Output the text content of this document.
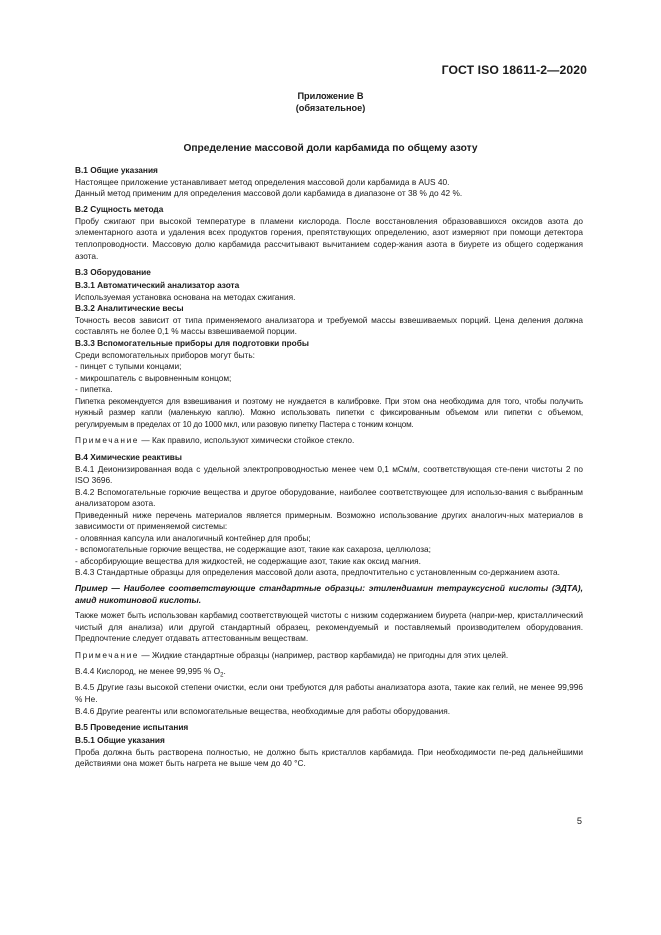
ГОСТ ISO 18611-2—2020
Приложение В
(обязательное)
Определение массовой доли карбамида по общему азоту

В.1 Общие указания

Настоящее приложение устанавливает метод определения массовой доли карбамида в AUS 40.

Данный метод применим для определения массовой доли карбамида в диапазоне от 38 % до 42 %.

В.2 Сущность метода

Пробу сжигают при высокой температуре в пламени кислорода. После восстановления образовавшихся оксидов азота до элементарного азота и удаления всех продуктов горения, препятствующих определению, азот измеряют при помощи детектора теплопроводности. Массовую долю карбамида рассчитывают вычитанием содер-жания азота в биурете из общего содержания азота.

В.3 Оборудование

В.3.1 Автоматический анализатор азота

Используемая установка основана на методах сжигания.

В.3.2 Аналитические весы

Точность весов зависит от типа применяемого анализатора и требуемой массы взвешиваемых порций. Цена деления должна составлять не более 0,1 % массы взвешиваемой порции.

В.3.3 Вспомогательные приборы для подготовки пробы

Среди вспомогательных приборов могут быть:

- пинцет с тупыми концами;

- микрошпатель с выровненным концом;

- пипетка.

Пипетка рекомендуется для взвешивания и поэтому не нуждается в калибровке. При этом она необходима для того, чтобы получить нужный размер капли (маленькую каплю). Можно использовать пипетки с фиксированным объемом или пипетки с объемом, регулируемым в пределах от 10 до 1000 мкл, или разовую пипетку Пастера с тонким концом.

Примечание — Как правило, используют химически стойкое стекло.

В.4 Химические реактивы

В.4.1 Деионизированная вода с удельной электропроводностью менее чем 0,1 мСм/м, соответствующая сте-пени чистоты 2 по ISO 3696.

В.4.2 Вспомогательные горючие вещества и другое оборудование, наиболее соответствующее для использо-вания с выбранным анализатором азота.

Приведенный ниже перечень материалов является примерным. Возможно использование других аналогич-ных материалов в зависимости от применяемой системы:

- оловянная капсула или аналогичный контейнер для пробы;

- вспомогательные горючие вещества, не содержащие азот, такие как сахароза, целлюлоза;

- абсорбирующие вещества для жидкостей, не содержащие азот, такие как оксид магния.

В.4.3 Стандартные образцы для определения массовой доли азота, предпочтительно с установленным со-держанием азота.

Пример — Наиболее соответствующие стандартные образцы: этилендиамин тетрауксусной кислоты (ЭДТА), амид никотиновой кислоты.

Также может быть использован карбамид соответствующей чистоты с низким содержанием биурета (напри-мер, кристаллический чистый для анализа) или другой стандартный образец, рекомендуемый и поставляемый производителем оборудования. Предпочтение следует отдавать аттестованным веществам.

Примечание — Жидкие стандартные образцы (например, раствор карбамида) не пригодны для этих целей.

В.4.4 Кислород, не менее 99,995 % $O_2$.

В.4.5 Другие газы высокой степени очистки, если они требуются для работы анализатора азота, такие как гелий, не менее 99,996 % He.

В.4.6 Другие реагенты или вспомогательные вещества, необходимые для работы оборудования.

В.5 Проведение испытания

В.5.1 Общие указания

Проба должна быть растворена полностью, не должно быть кристаллов карбамида. При необходимости пе-ред дальнейшими действиями она может быть нагрета не выше чем до 40 °С.

5
